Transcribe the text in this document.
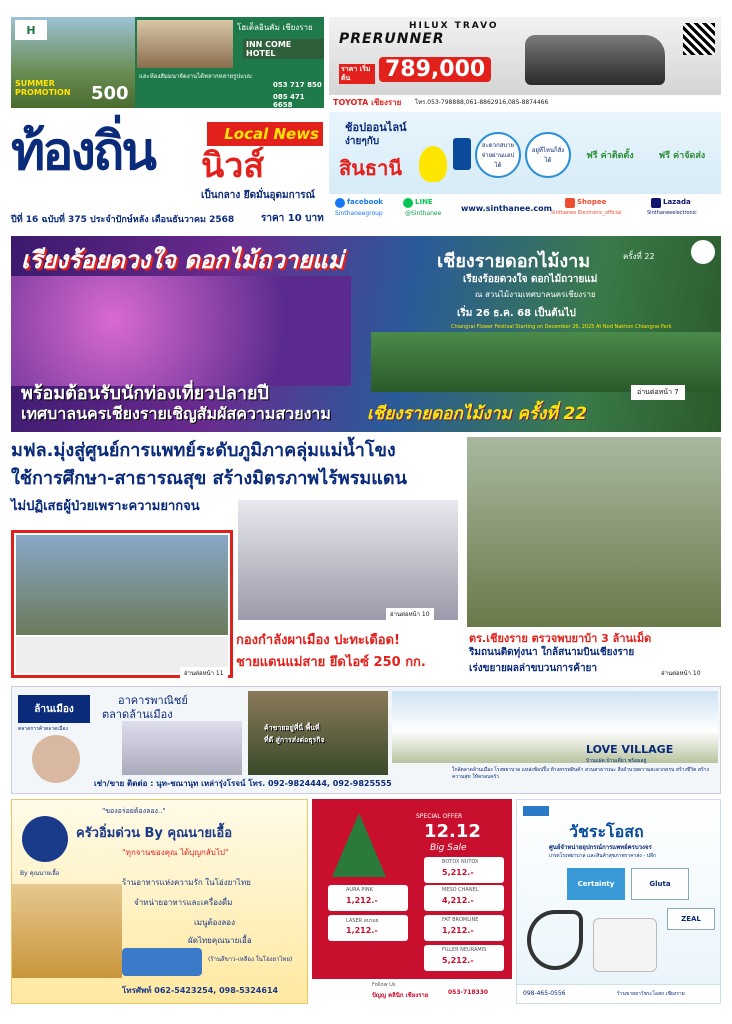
H
SUMMER PROMOTION	500
โฮเต็ลอินคัม เชียงราย
INN COME HOTEL
และห้องสัมมนาจัดงานได้หลากหลายรูปแบบ
053 717 850
085 471 6658
HILUX TRAVO
PRERUNNER
ราคา เริ่มต้น	789,000
TOYOTA เชียงราย โทร.053-798888,061-8862916,085-8874466
ท้องถิ่น	Local News
นิวส์
เป็นกลาง ยึดมั่นอุดมการณ์
ปีที่ 16 ฉบับที่ 375 ประจำปักษ์หลัง เดือนธันวาคม 2568	ราคา 10 บาท
ช้อปออนไลน์
ง่ายๆกับ
สินธานี
สะดวกสบาย จ่ายผ่านแอปได้
อยู่ที่ไหนก็สั่งได้	ฟรี ค่าติดตั้ง	ฟรี ค่าจัดส่ง
facebook
Sinthaneegroup
LINE
@Sinthanee
www.sinthanee.com
Shopee
Sinthanee Electronic_official
Lazada
Sinthaneeelectronic
เรียงร้อยดวงใจ ดอกไม้ถวายแม่	เชียงรายดอกไม้งาม	ครั้งที่ 22
เรียงร้อยดวงใจ ดอกไม้ถวายแม่
ณ สวนไม้งามเทศบาลนครเชียงราย
เริ่ม 26 ธ.ค. 68 เป็นต้นไป
Chiangrai Flower Festival Starting on December 26, 2025 At Nod Nakhon Chiangrai Park
พร้อมต้อนรับนักท่องเที่ยวปลายปี
เทศบาลนครเชียงรายเชิญสัมผัสความสวยงาม เชียงรายดอกไม้งาม ครั้งที่ 22
อ่านต่อหน้า 7
มฟล.มุ่งสู่ศูนย์การแพทย์ระดับภูมิภาคลุ่มแม่น้ำโขง
ใช้การศึกษา-สาธารณสุข สร้างมิตรภาพไร้พรมแดน
ไม่ปฏิเสธผู้ป่วยเพราะความยากจน
อ่านต่อหน้า 10
อ่านต่อหน้า 11
กองกำลังผาเมือง ปะทะเดือด!
ชายแดนแม่สาย ยึดไอซ์ 250 กก.
ตร.เชียงราย ตรวจพบยาบ้า 3 ล้านเม็ด
ริมถนนติดทุ่งนา ใกล้สนามบินเชียงราย
เร่งขยายผลล่าขบวนการค้ายา	อ่านต่อหน้า 10
ล้านเมือง
ตลาดการค้าตลาดเมือง
อาคารพาณิชย์
ตลาดล้านเมือง
ค้าขายอยู่ที่นี่ พื้นที่
ที่ดี สู่การส่งต่อธุรกิจ
LOVE VILLAGE
บ้านแฝด บ้านเดี่ยว พร้อมอยู่
เช่า/ขาย ติดต่อ : นุท-ชณานุท เหล่ารุ่งโรจน์ โทร. 092-9824444, 092-9825555
ใกล้ตลาดล้านเมือง โรงพยาบาล แหล่งช้อปปิ้ง ห้างสรรพสินค้า สวนสาธารณะ สิ่งอำนวยความสะดวกครบ สร้างชีวิต สร้างความสุข ให้ครอบครัว
By คุณนายเอื้อ
"ของอร่อยต้องลอง.."
ครัวอิ่มด่วน By คุณนายเอื้อ
"ทุกจานของคุณ ได้บุญกลับไป"
ร้านอาหารแห่งความรัก ในโอ่งยาไทย
จำหน่ายอาหารและเครื่องดื่ม
เมนูต้องลอง
ผัดไทยคุณนายเอื้อ
(ร้านสีขาว-เหลือง ในโอ่งยาไทย)
โทรศัพท์ 062-5423254, 098-5324614
SPECIAL OFFER
12.12
Big Sale
BOTOX NUTOX
5,212.-
AURA PINK
1,212.-
MESO CHANEL
4,212.-
LASER ลบรอย
1,212.-
FAT BROMLINE
1,212.-
FILLER NEURAMIS
5,212.-
Follow Us
ปัญญ คลินิก เชียงราย	053-718330
วัชระโอสถ
ศูนย์จำหน่ายอุปกรณ์การแพทย์ครบวงจร
เกรดโรงพยาบาล และสินค้าสุขภาพราคาส่ง - ปลีก
Certainty	Gluta
ZEAL
098-465-0556	ร้านขายยาวัชระโอสถ เชียงราย
